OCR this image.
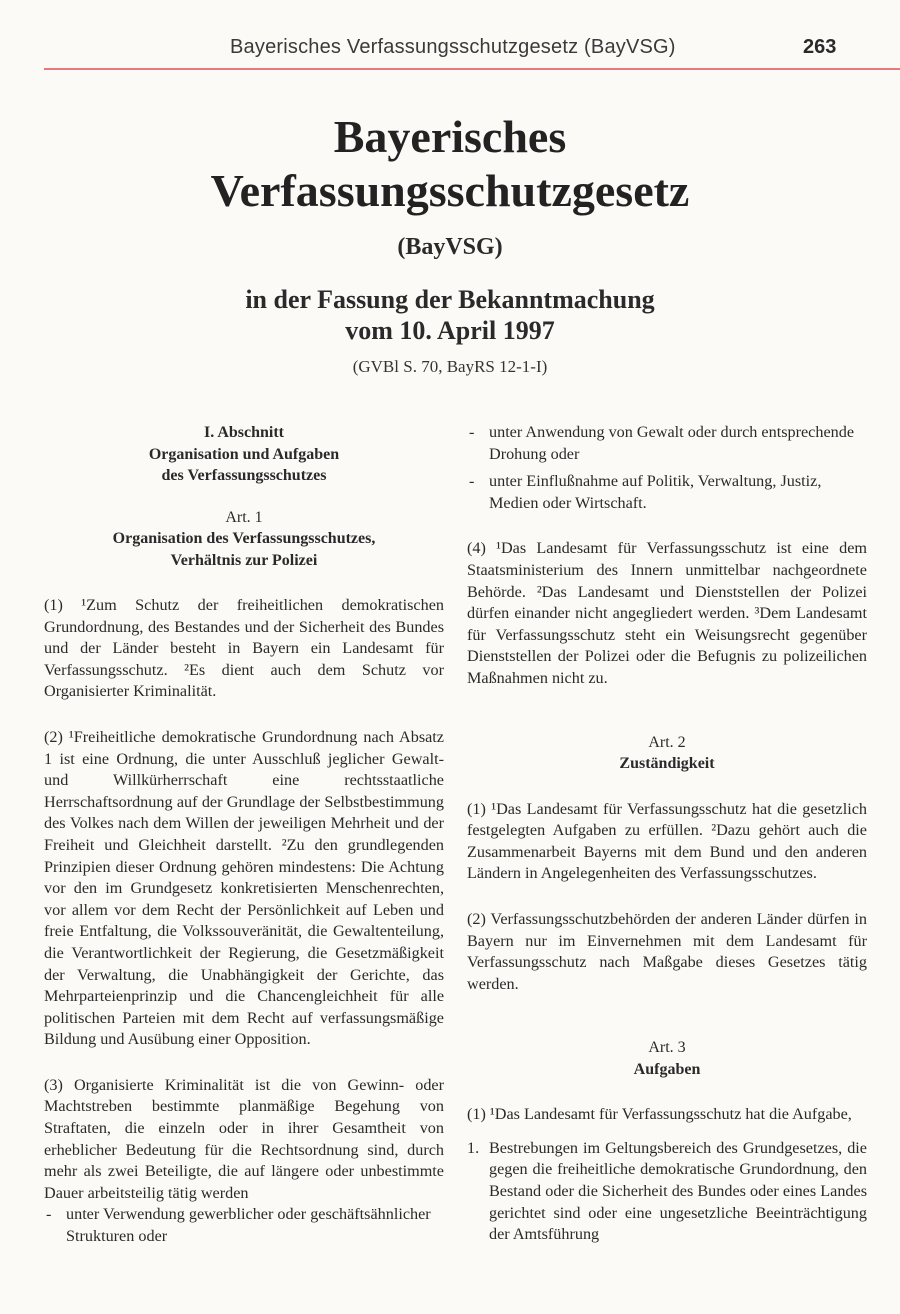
Bayerisches Verfassungsschutzgesetz (BayVSG)	263
Bayerisches
Verfassungsschutzgesetz
(BayVSG)
in der Fassung der Bekanntmachung
vom 10. April 1997
(GVBl S. 70, BayRS 12-1-I)
I. Abschnitt
Organisation und Aufgaben
des Verfassungsschutzes
Art. 1
Organisation des Verfassungsschutzes,
Verhältnis zur Polizei

(1) ¹Zum Schutz der freiheitlichen demokratischen Grundordnung, des Bestandes und der Sicherheit des Bundes und der Länder besteht in Bayern ein Landesamt für Verfassungsschutz. ²Es dient auch dem Schutz vor Organisierter Kriminalität.

(2) ¹Freiheitliche demokratische Grundordnung nach Absatz 1 ist eine Ordnung, die unter Ausschluß jeglicher Gewalt- und Willkürherrschaft eine rechtsstaatliche Herrschaftsordnung auf der Grundlage der Selbstbestimmung des Volkes nach dem Willen der jeweiligen Mehrheit und der Freiheit und Gleichheit darstellt. ²Zu den grundlegenden Prinzipien dieser Ordnung gehören mindestens: Die Achtung vor den im Grundgesetz konkretisierten Menschenrechten, vor allem vor dem Recht der Persönlichkeit auf Leben und freie Entfaltung, die Volkssouveränität, die Gewaltenteilung, die Verantwortlichkeit der Regierung, die Gesetzmäßigkeit der Verwaltung, die Unabhängigkeit der Gerichte, das Mehrparteienprinzip und die Chancengleichheit für alle politischen Parteien mit dem Recht auf verfassungsmäßige Bildung und Ausübung einer Opposition.

(3) Organisierte Kriminalität ist die von Gewinn- oder Machtstreben bestimmte planmäßige Begehung von Straftaten, die einzeln oder in ihrer Gesamtheit von erheblicher Bedeutung für die Rechtsordnung sind, durch mehr als zwei Beteiligte, die auf längere oder unbestimmte Dauer arbeitsteilig tätig werden

- unter Verwendung gewerblicher oder geschäftsähnlicher Strukturen oder
- unter Anwendung von Gewalt oder durch entsprechende Drohung oder
- unter Einflußnahme auf Politik, Verwaltung, Justiz, Medien oder Wirtschaft.

(4) ¹Das Landesamt für Verfassungsschutz ist eine dem Staatsministerium des Innern unmittelbar nachgeordnete Behörde. ²Das Landesamt und Dienststellen der Polizei dürfen einander nicht angegliedert werden. ³Dem Landesamt für Verfassungsschutz steht ein Weisungsrecht gegenüber Dienststellen der Polizei oder die Befugnis zu polizeilichen Maßnahmen nicht zu.

Art. 2
Zuständigkeit

(1) ¹Das Landesamt für Verfassungsschutz hat die gesetzlich festgelegten Aufgaben zu erfüllen. ²Dazu gehört auch die Zusammenarbeit Bayerns mit dem Bund und den anderen Ländern in Angelegenheiten des Verfassungsschutzes.

(2) Verfassungsschutzbehörden der anderen Länder dürfen in Bayern nur im Einvernehmen mit dem Landesamt für Verfassungsschutz nach Maßgabe dieses Gesetzes tätig werden.

Art. 3
Aufgaben

(1) ¹Das Landesamt für Verfassungsschutz hat die Aufgabe,

1. Bestrebungen im Geltungsbereich des Grundgesetzes, die gegen die freiheitliche demokratische Grundordnung, den Bestand oder die Sicherheit des Bundes oder eines Landes gerichtet sind oder eine ungesetzliche Beeinträchtigung der Amtsführung
